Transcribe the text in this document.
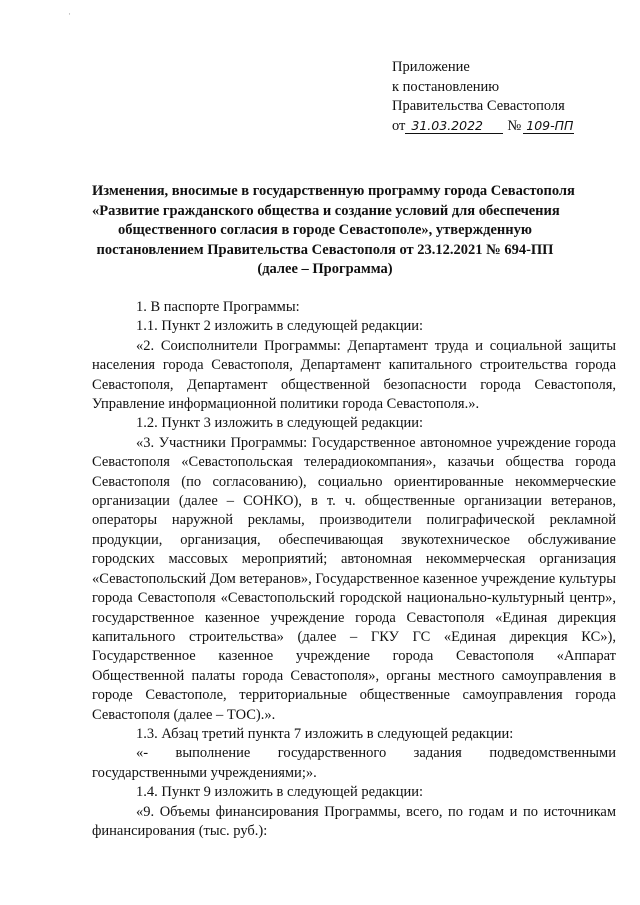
·
Приложение
к постановлению
Правительства Севастополя
от 31.03.2022	№ 109-ПП
Изменения, вносимые в государственную программу города Севастополя
«Развитие гражданского общества и создание условий для обеспечения
общественного согласия в городе Севастополе», утвержденную
постановлением Правительства Севастополя от 23.12.2021 № 694-ПП
(далее – Программа)

1. В паспорте Программы:

1.1. Пункт 2 изложить в следующей редакции:

«2. Соисполнители Программы: Департамент труда и социальной защиты населения города Севастополя, Департамент капитального строительства города Севастополя, Департамент общественной безопасности города Севастополя, Управление информационной политики города Севастополя.».

1.2. Пункт 3 изложить в следующей редакции:

«3. Участники Программы: Государственное автономное учреждение города Севастополя «Севастопольская телерадиокомпания», казачьи общества города Севастополя (по согласованию), социально ориентированные некоммерческие организации (далее – СОНКО), в т. ч. общественные организации ветеранов, операторы наружной рекламы, производители полиграфической рекламной продукции, организация, обеспечивающая звукотехническое обслуживание городских массовых мероприятий; автономная некоммерческая организация «Севастопольский Дом ветеранов», Государственное казенное учреждение культуры города Севастополя «Севастопольский городской национально-культурный центр», государственное казенное учреждение города Севастополя «Единая дирекция капитального строительства» (далее – ГКУ ГС «Единая дирекция КС»), Государственное казенное учреждение города Севастополя «Аппарат Общественной палаты города Севастополя», органы местного самоуправления в городе Севастополе, территориальные общественные самоуправления города Севастополя (далее – ТОС).».

1.3. Абзац третий пункта 7 изложить в следующей редакции:

«- выполнение государственного задания подведомственными государственными учреждениями;».

1.4. Пункт 9 изложить в следующей редакции:

«9. Объемы финансирования Программы, всего, по годам и по источникам финансирования (тыс. руб.):
